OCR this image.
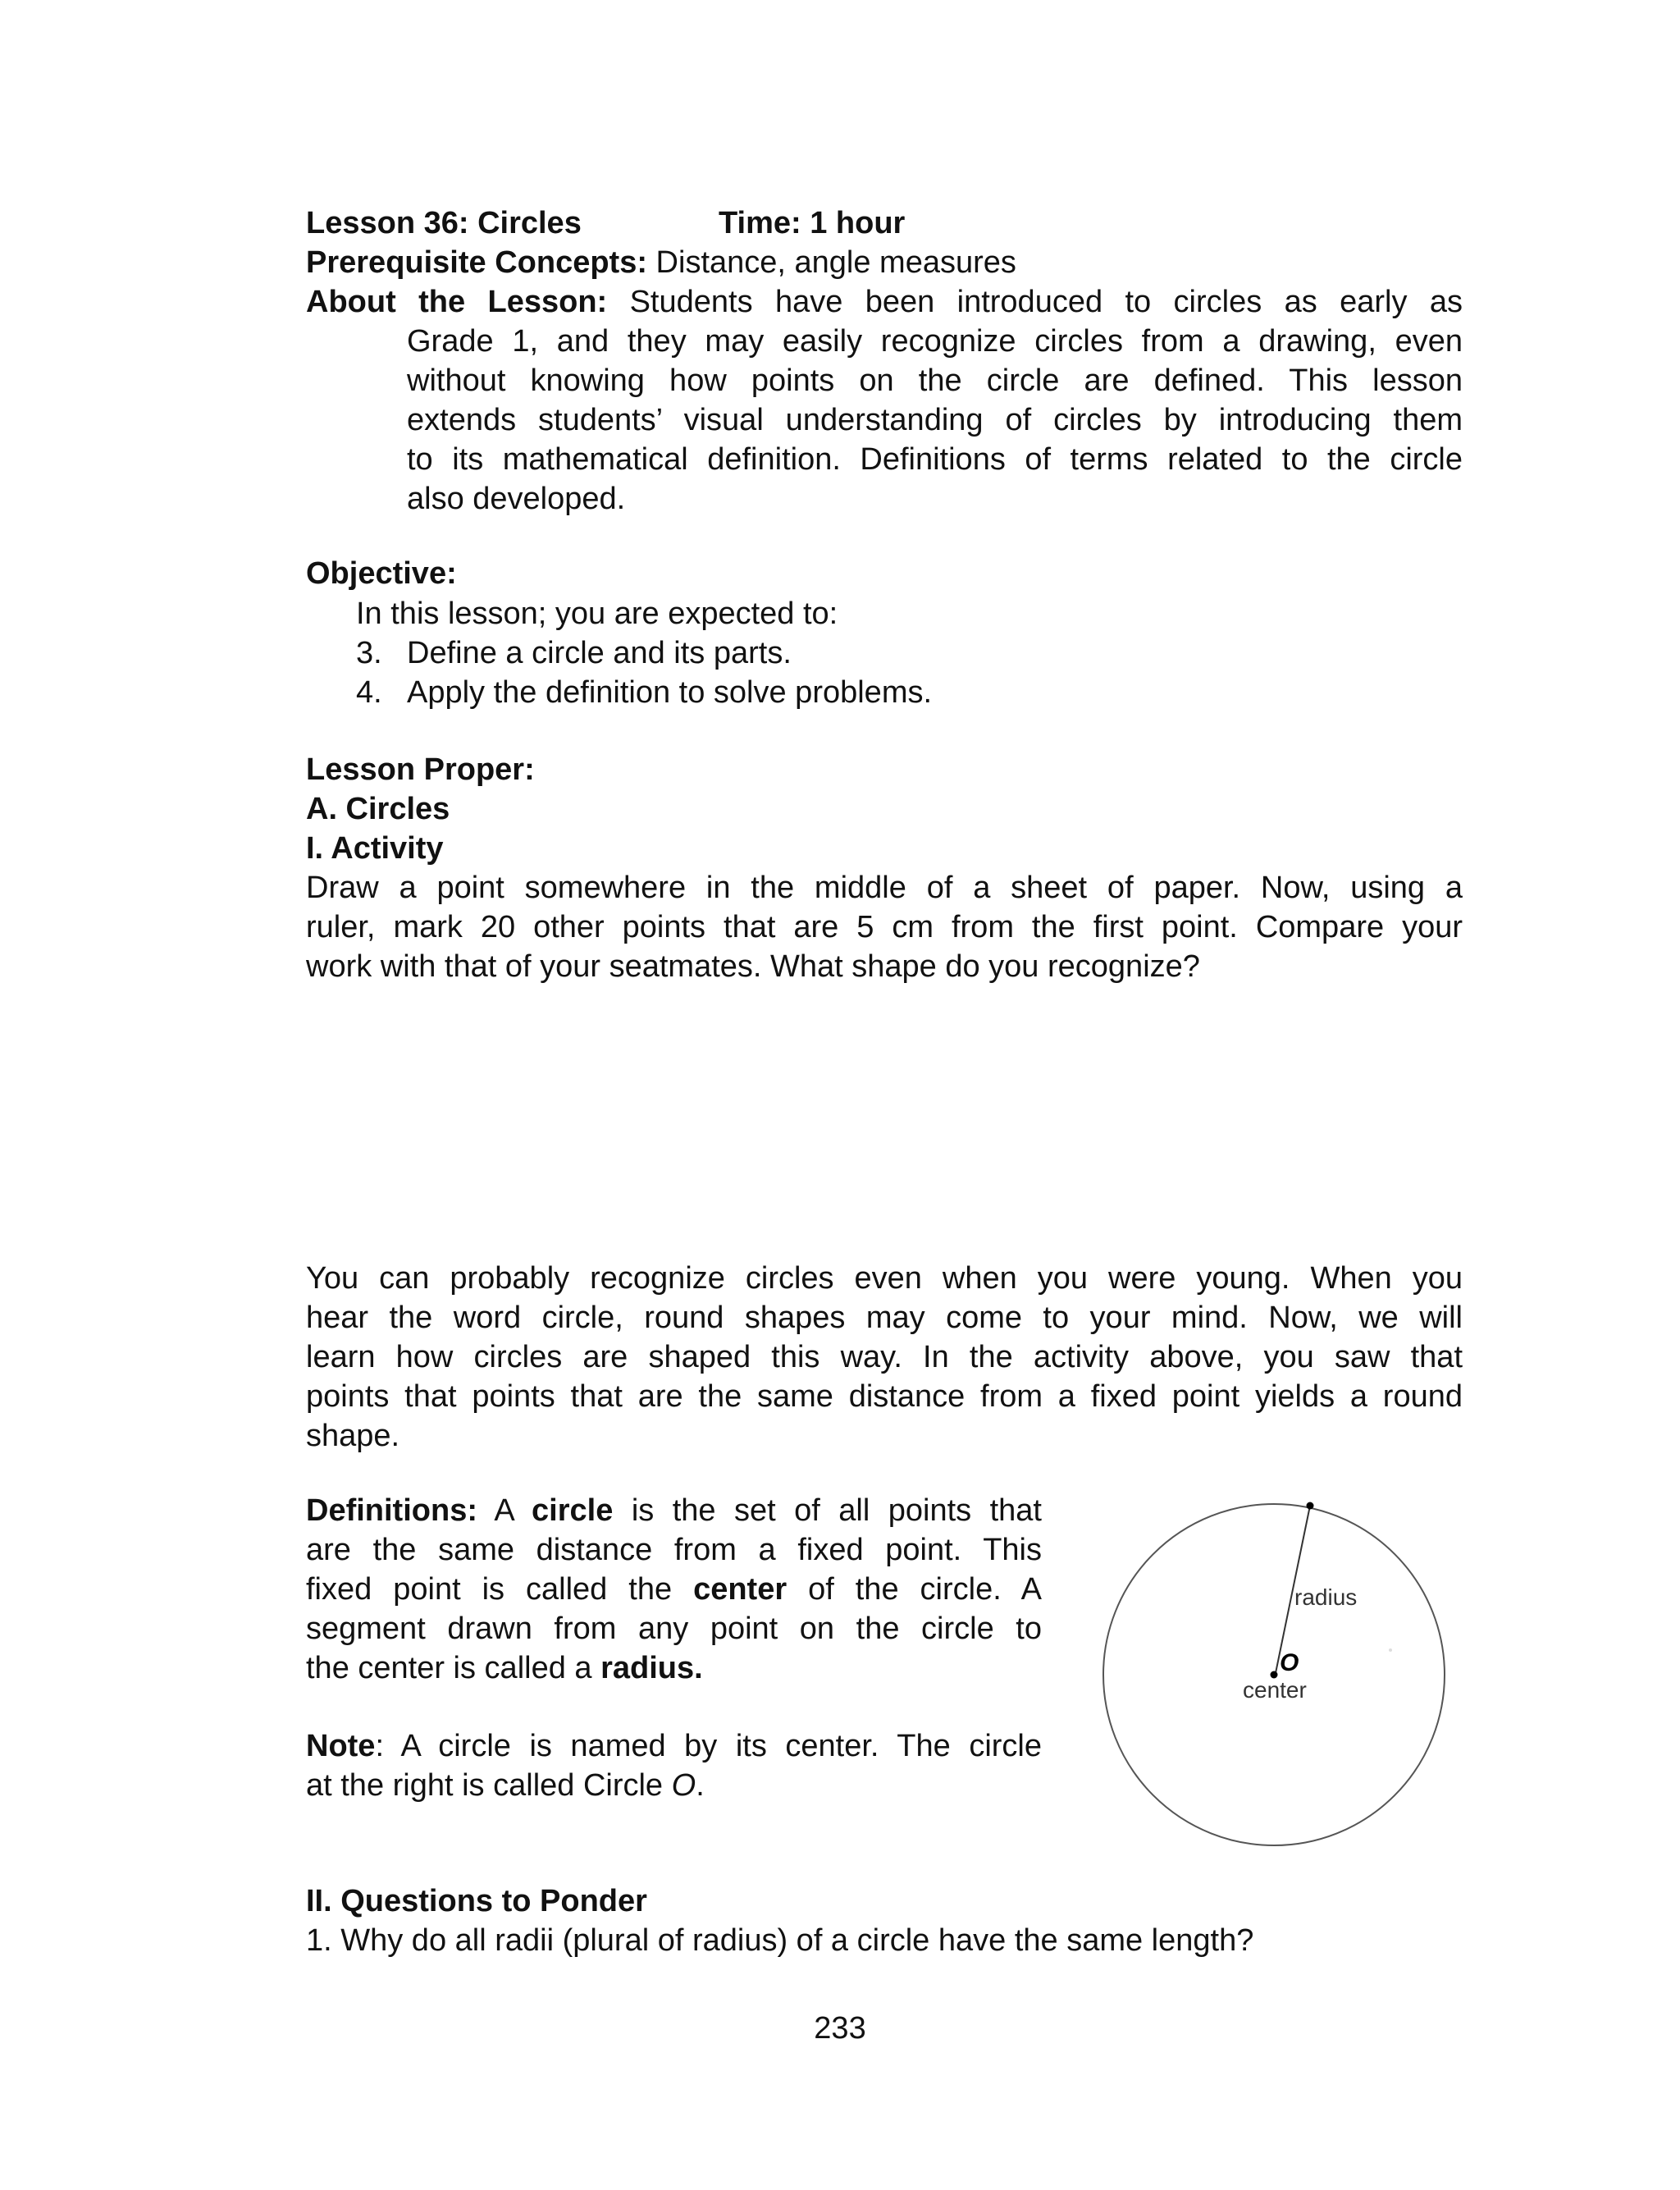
Lesson 36: Circles	Time: 1 hour
Prerequisite Concepts: Distance, angle measures
About the Lesson: Students have been introduced to circles as early as
Grade 1, and they may easily recognize circles from a drawing, even
without knowing how points on the circle are defined. This lesson
extends students’ visual understanding of circles by introducing them
to its mathematical definition. Definitions of terms related to the circle
also developed.
Objective:
In this lesson; you are expected to:
3. Define a circle and its parts.
4. Apply the definition to solve problems.
Lesson Proper:
A. Circles
I. Activity
Draw a point somewhere in the middle of a sheet of paper. Now, using a
ruler, mark 20 other points that are 5 cm from the first point. Compare your
work with that of your seatmates. What shape do you recognize?
You can probably recognize circles even when you were young. When you
hear the word circle, round shapes may come to your mind. Now, we will
learn how circles are shaped this way. In the activity above, you saw that
points that points that are the same distance from a fixed point yields a round
shape.
Definitions: A circle is the set of all points that
are the same distance from a fixed point. This
fixed point is called the center of the circle. A
segment drawn from any point on the circle to
the center is called a radius.
Note: A circle is named by its center. The circle
at the right is called Circle O.
radius
O
center
II. Questions to Ponder
1. Why do all radii (plural of radius) of a circle have the same length?
233
